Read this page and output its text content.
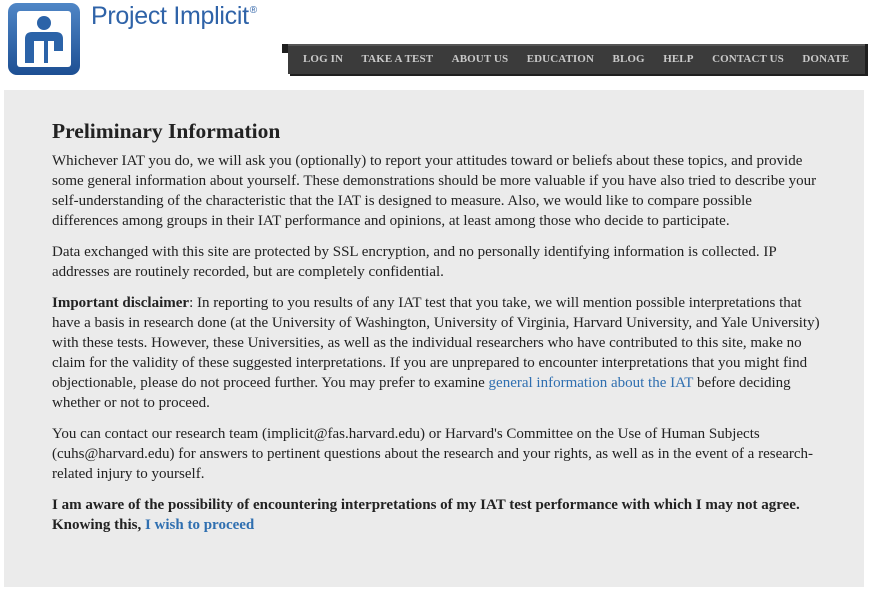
Project Implicit®
LOG IN TAKE A TEST ABOUT US EDUCATION BLOG HELP CONTACT US DONATE
Preliminary Information

Whichever IAT you do, we will ask you (optionally) to report your attitudes toward or beliefs about these topics, and provide some general information about yourself. These demonstrations should be more valuable if you have also tried to describe your self-understanding of the characteristic that the IAT is designed to measure. Also, we would like to compare possible differences among groups in their IAT performance and opinions, at least among those who decide to participate.

Data exchanged with this site are protected by SSL encryption, and no personally identifying information is collected. IP addresses are routinely recorded, but are completely confidential.

Important disclaimer: In reporting to you results of any IAT test that you take, we will mention possible interpretations that have a basis in research done (at the University of Washington, University of Virginia, Harvard University, and Yale University) with these tests. However, these Universities, as well as the individual researchers who have contributed to this site, make no claim for the validity of these suggested interpretations. If you are unprepared to encounter interpretations that you might find objectionable, please do not proceed further. You may prefer to examine general information about the IAT before deciding whether or not to proceed.

You can contact our research team (implicit@fas.harvard.edu) or Harvard's Committee on the Use of Human Subjects (cuhs@harvard.edu) for answers to pertinent questions about the research and your rights, as well as in the event of a research-related injury to yourself.

I am aware of the possibility of encountering interpretations of my IAT test performance with which I may not agree. Knowing this, I wish to proceed
